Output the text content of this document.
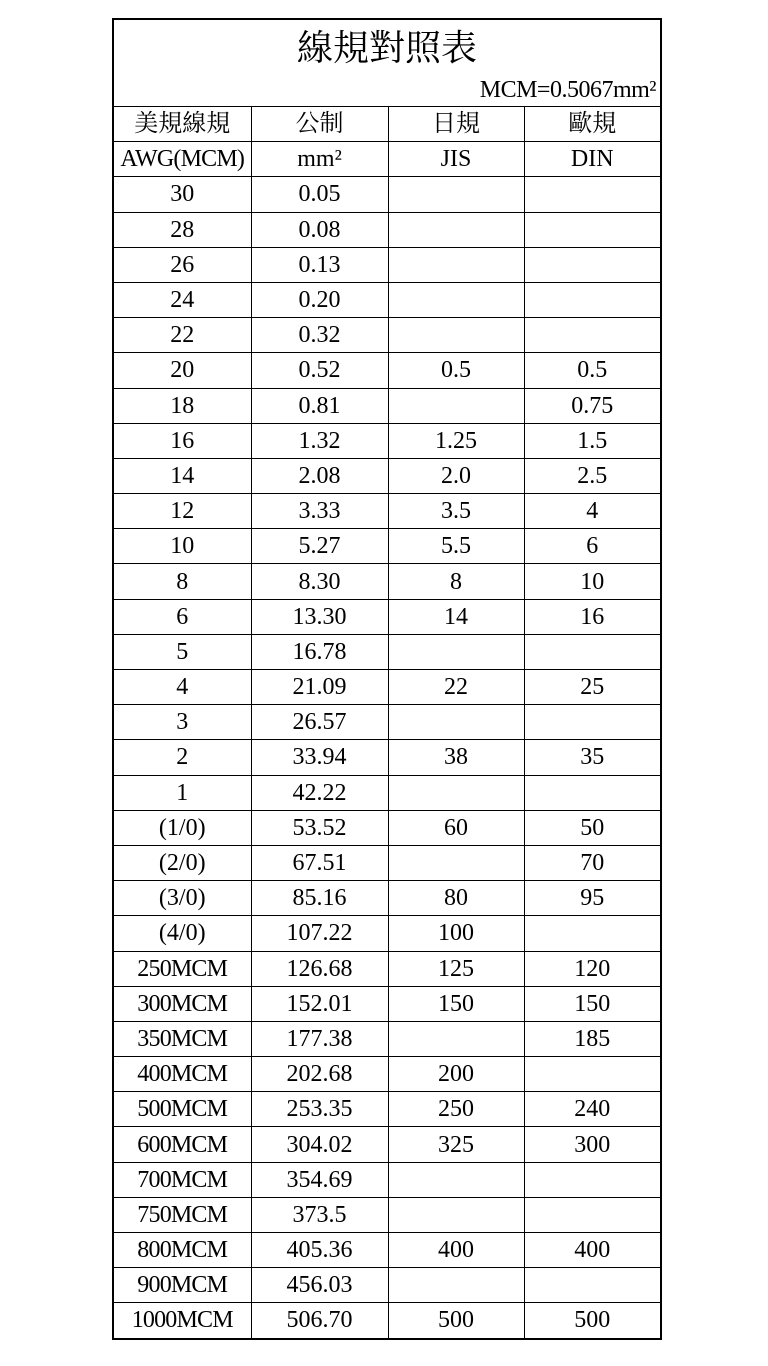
線規對照表
MCM=0.5067mm²
美規線規	公制	日規	歐規
AWG(MCM)	mm²	JIS	DIN
30	0.05		
28	0.08		
26	0.13		
24	0.20		
22	0.32		
20	0.52	0.5	0.5
18	0.81		0.75
16	1.32	1.25	1.5
14	2.08	2.0	2.5
12	3.33	3.5	4
10	5.27	5.5	6
8	8.30	8	10
6	13.30	14	16
5	16.78		
4	21.09	22	25
3	26.57		
2	33.94	38	35
1	42.22		
(1/0)	53.52	60	50
(2/0)	67.51		70
(3/0)	85.16	80	95
(4/0)	107.22	100	
250MCM	126.68	125	120
300MCM	152.01	150	150
350MCM	177.38		185
400MCM	202.68	200	
500MCM	253.35	250	240
600MCM	304.02	325	300
700MCM	354.69		
750MCM	373.5		
800MCM	405.36	400	400
900MCM	456.03		
1000MCM	506.70	500	500
